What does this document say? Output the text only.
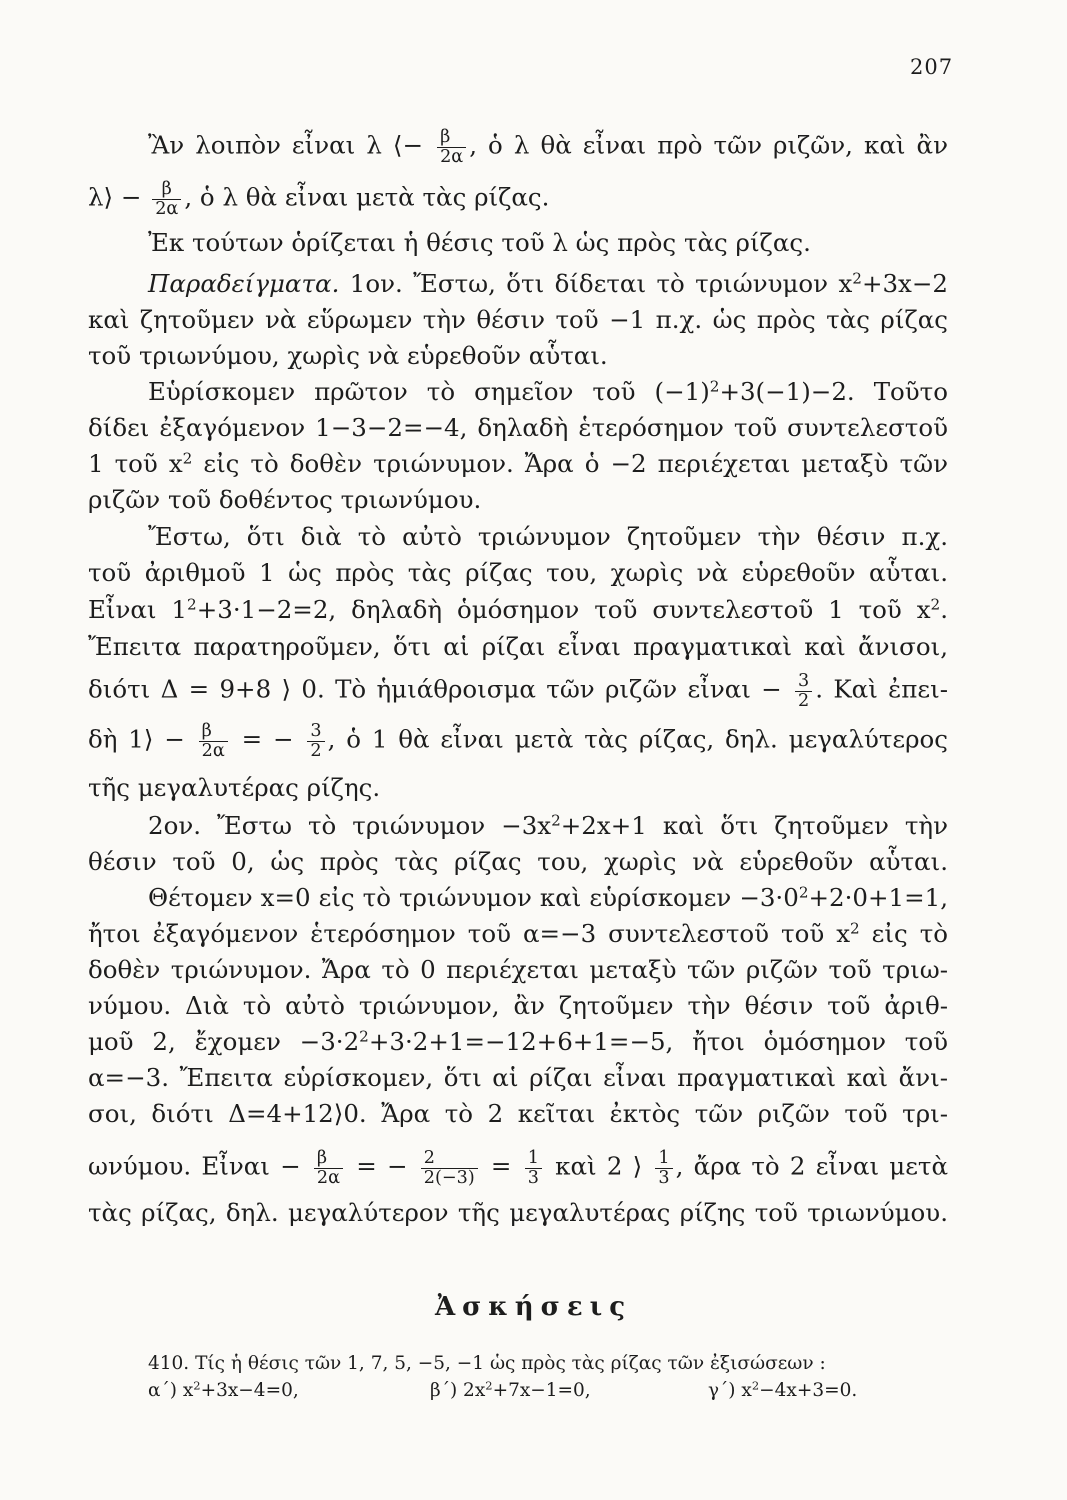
207
Ἂν λοιπὸν εἶναι λ ⟨− $\frac{\beta}{2\alpha}$ , ὁ λ θὰ εἶναι πρὸ τῶν ριζῶν, καὶ ἂν
λ⟩ − $\frac{\beta}{2\alpha}$ , ὁ λ θὰ εἶναι μετὰ τὰς ρίζας.
Ἐκ τούτων ὁρίζεται ἡ θέσις τοῦ λ ὡς πρὸς τὰς ρίζας.
Παραδείγματα. 1ον. Ἔστω, ὅτι δίδεται τὸ τριώνυμον $x^2+3x-2$
καὶ ζητοῦμεν νὰ εὕρωμεν τὴν θέσιν τοῦ −1 π.χ. ὡς πρὸς τὰς ρίζας
τοῦ τριωνύμου, χωρὶς νὰ εὑρεθοῦν αὗται.
Εὑρίσκομεν πρῶτον τὸ σημεῖον τοῦ $(-1)^2+3(-1)-2$. Τοῦτο
δίδει ἐξαγόμενον 1−3−2=−4, δηλαδὴ ἑτερόσημον τοῦ συντελεστοῦ
1 τοῦ $x^2$ εἰς τὸ δοθὲν τριώνυμον. Ἄρα ὁ −2 περιέχεται μεταξὺ τῶν
ριζῶν τοῦ δοθέντος τριωνύμου.
Ἔστω, ὅτι διὰ τὸ αὐτὸ τριώνυμον ζητοῦμεν τὴν θέσιν π.χ.
τοῦ ἀριθμοῦ 1 ὡς πρὸς τὰς ρίζας του, χωρὶς νὰ εὑρεθοῦν αὗται.
Εἶναι $1^2+3\cdot 1-2=2$, δηλαδὴ ὁμόσημον τοῦ συντελεστοῦ 1 τοῦ $x^2$.
Ἔπειτα παρατηροῦμεν, ὅτι αἱ ρίζαι εἶναι πραγματικαὶ καὶ ἄνισοι,
διότι Δ = 9+8 ⟩ 0. Τὸ ἡμιάθροισμα τῶν ριζῶν εἶναι − $\frac{3}{2}$ . Καὶ ἐπει-
δὴ 1⟩ − $\frac{\beta}{2\alpha}$ = − $\frac{3}{2}$ , ὁ 1 θὰ εἶναι μετὰ τὰς ρίζας, δηλ. μεγαλύτερος
τῆς μεγαλυτέρας ρίζης.
2ον. Ἔστω τὸ $\tau\rho\iota ώ\nu\upsilon\mu o\nu -3x^2+2x+1$ καὶ ὅτι ζητοῦμεν τὴν
θέσιν τοῦ 0, ὡς πρὸς τὰς ρίζας του, χωρὶς νὰ εὑρεθοῦν αὗται.
Θέτομεν x=0 εἰς τὸ τριώνυμον καὶ εὑρίσκομεν $-3\cdot 0^2+2\cdot 0+1=1$,
ἤτοι ἐξαγόμενον ἑτερόσημον τοῦ α=−3 συντελεστοῦ τοῦ $x^2$ εἰς τὸ
δοθὲν τριώνυμον. Ἄρα τὸ 0 περιέχεται μεταξὺ τῶν ριζῶν τοῦ τριω-
νύμου. Διὰ τὸ αὐτὸ τριώνυμον, ἂν ζητοῦμεν τὴν θέσιν τοῦ ἀριθ-
μοῦ 2, ἔχομεν $-3\cdot 2^2+3\cdot 2+1=-12+6+1=-5$, ἤτοι ὁμόσημον τοῦ
α=−3. Ἔπειτα εὑρίσκομεν, ὅτι αἱ ρίζαι εἶναι πραγματικαὶ καὶ ἄνι-
σοι, διότι Δ=4+12⟩0. Ἄρα τὸ 2 κεῖται ἐκτὸς τῶν ριζῶν τοῦ τρι-
ωνύμου. Εἶναι − $\frac{\beta}{2\alpha}$ = − $\frac{2}{2(-3)} = \frac{1}{3}$ καὶ 2 ⟩ $\frac{1}{3}$ , ἄρα τὸ 2 εἶναι μετὰ
τὰς ρίζας, δηλ. μεγαλύτερον τῆς μεγαλυτέρας ρίζης τοῦ τριωνύμου.
Ἀσκήσεις
410. Τίς ἡ θέσις τῶν 1, 7, 5, −5, −1 ὡς πρὸς τὰς ρίζας τῶν ἐξισώσεων :
α΄) $x^2+3x-4=0$,	β΄) $2x^2+7x-1=0$,	γ΄) $x^2-4x+3=0$.
